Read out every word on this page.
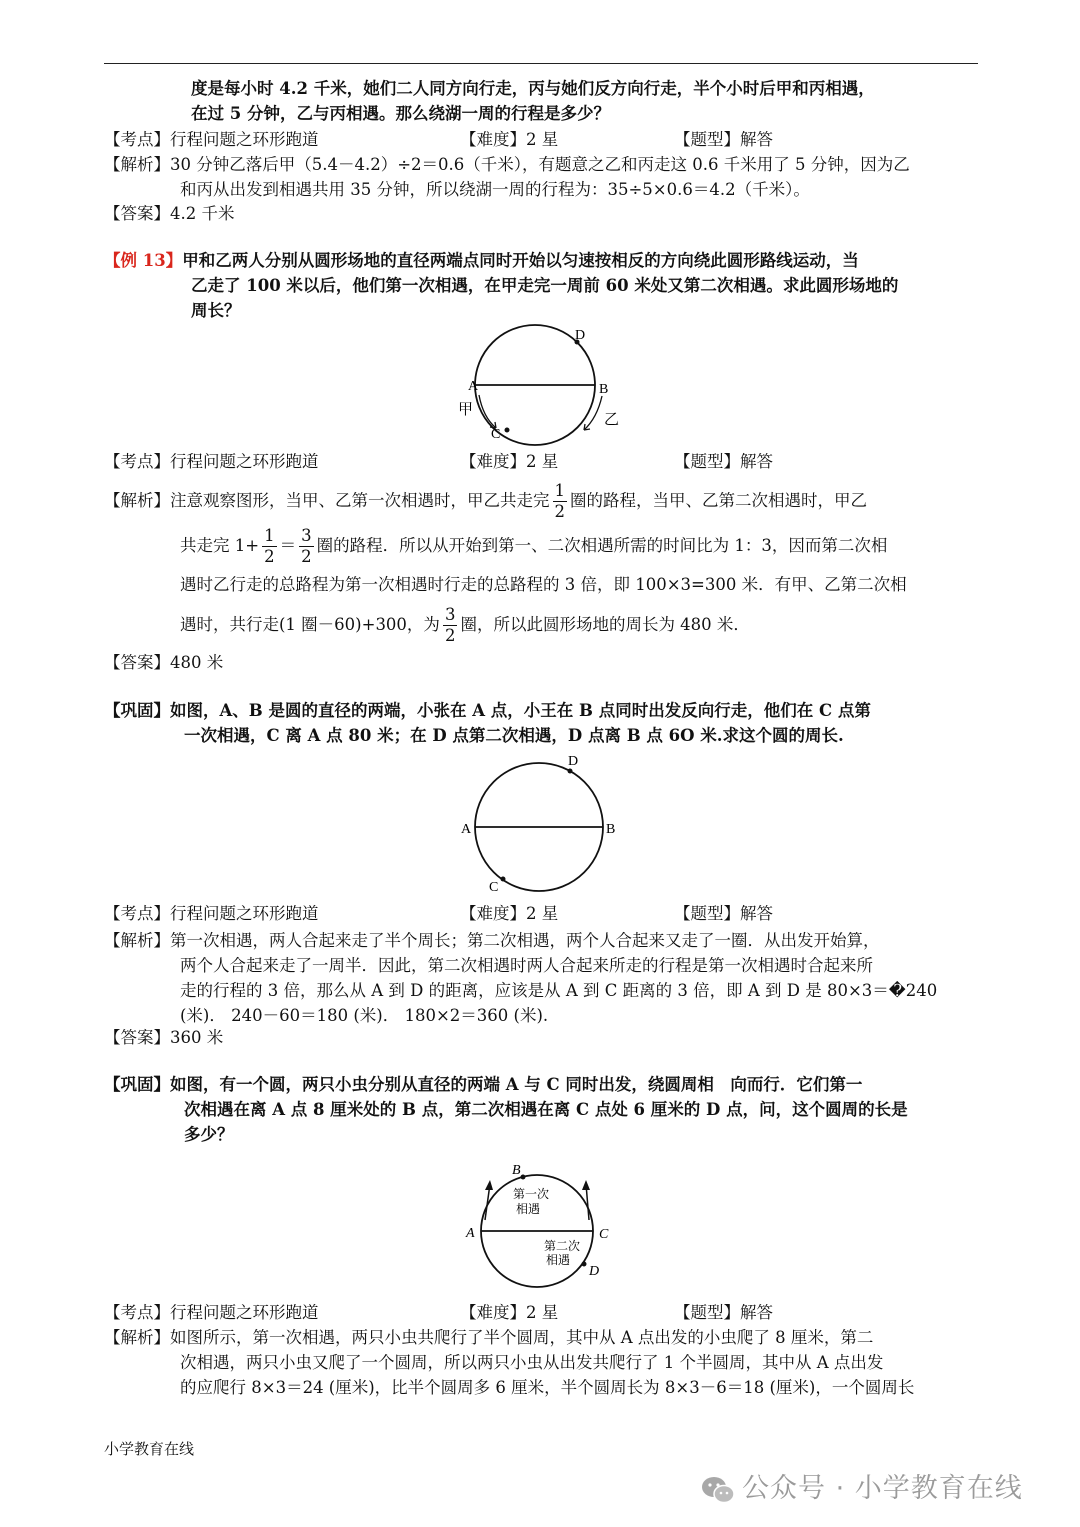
度是每小时 4.2 千米，她们二人同方向行走，丙与她们反方向行走，半个小时后甲和丙相遇，
在过 5 分钟，乙与丙相遇。那么绕湖一周的行程是多少？
【考点】行程问题之环形跑道	【难度】2 星	【题型】解答
【解析】30 分钟乙落后甲（5.4－4.2）÷2＝0.6（千米），有题意之乙和丙走这 0.6 千米用了 5 分钟，因为乙
和丙从出发到相遇共用 35 分钟，所以绕湖一周的行程为：35÷5×0.6＝4.2（千米）。
【答案】4.2 千米
【例 13】甲和乙两人分别从圆形场地的直径两端点同时开始以匀速按相反的方向绕此圆形路线运动，当
乙走了 100 米以后，他们第一次相遇，在甲走完一周前 60 米处又第二次相遇。求此圆形场地的
周长？
A	B
C
D
甲
乙
【考点】行程问题之环形跑道	【难度】2 星	【题型】解答
【解析】注意观察图形，当甲、乙第一次相遇时，甲乙共走完 $\frac{1}{2}$ 圈的路程，当甲、乙第二次相遇时，甲乙
共走完 $1+ \frac{1}{2} = \frac{3}{2}$ 圈的路程．所以从开始到第一、二次相遇所需的时间比为 1：3，因而第二次相
遇时乙行走的总路程为第一次相遇时行走的总路程的 3 倍，即 100×3=300 米．有甲、乙第二次相
遇时，共行走(1 圈－60)+300，为 $\frac{3}{2}$ 圈，所以此圆形场地的周长为 480 米．
【答案】480 米
【巩固】如图，A、B 是圆的直径的两端，小张在 A 点，小王在 B 点同时出发反向行走，他们在 C 点第
一次相遇，C 离 A 点 80 米；在 D 点第二次相遇，D 点离 B 点 6O 米.求这个圆的周长.
A	B
C
D
【考点】行程问题之环形跑道	【难度】2 星	【题型】解答
【解析】第一次相遇，两人合起来走了半个周长；第二次相遇，两个人合起来又走了一圈．从出发开始算，
两个人合起来走了一周半．因此，第二次相遇时两人合起来所走的行程是第一次相遇时合起来所
走的行程的 3 倍，那么从 A 到 D 的距离，应该是从 A 到 C 距离的 3 倍，即 A 到 D 是 80×3＝�240
(米)． 240－60＝180 (米)． 180×2＝360 (米).
【答案】360 米
【巩固】如图，有一个圆，两只小虫分别从直径的两端 A 与 C 同时出发，绕圆周相　向而行．它们第一
次相遇在离 A 点 8 厘米处的 B 点，第二次相遇在离 C 点处 6 厘米的 D 点，问，这个圆周的长是
多少？
第一次
相遇
第二次
相遇
B
A	C
D
【考点】行程问题之环形跑道	【难度】2 星	【题型】解答
【解析】如图所示，第一次相遇，两只小虫共爬行了半个圆周，其中从 A 点出发的小虫爬了 8 厘米，第二
次相遇，两只小虫又爬了一个圆周，所以两只小虫从出发共爬行了 1 个半圆周，其中从 A 点出发
的应爬行 8×3＝24 (厘米)，比半个圆周多 6 厘米，半个圆周长为 8×3－6＝18 (厘米)，一个圆周长
小学教育在线
公众号 · 小学教育在线
